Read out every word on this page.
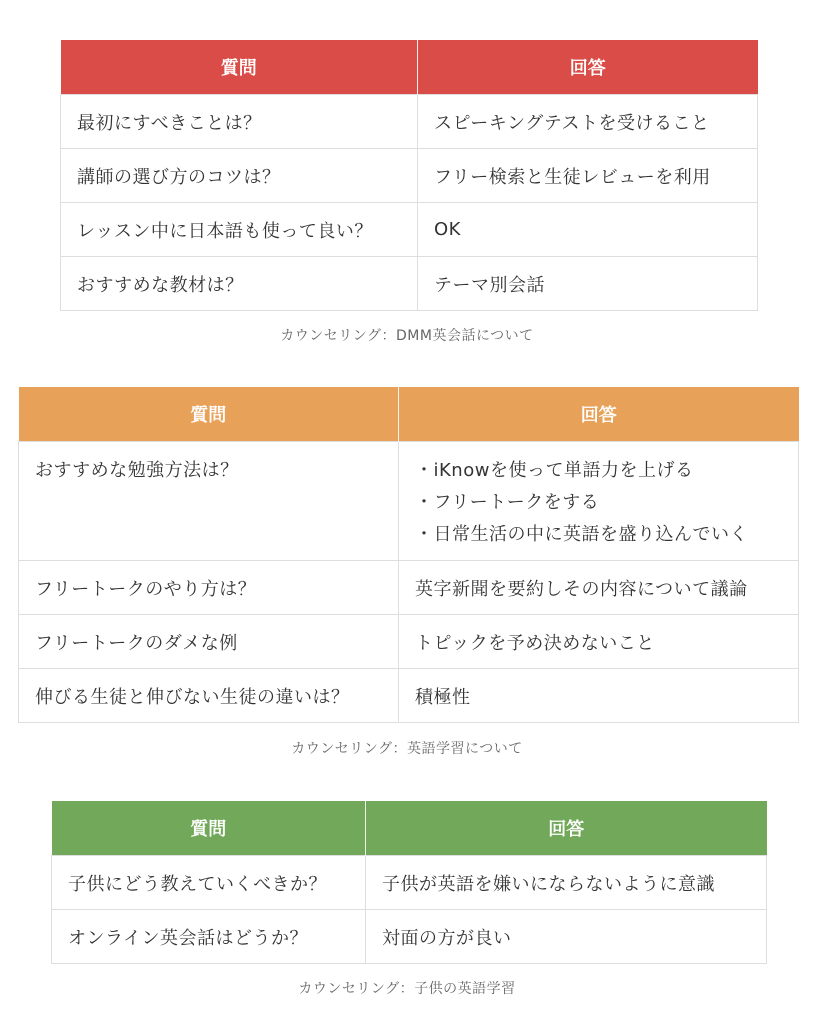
質問	回答
最初にすべきことは？	スピーキングテストを受けること
講師の選び方のコツは？	フリー検索と生徒レビューを利用
レッスン中に日本語も使って良い？	OK
おすすめな教材は？	テーマ別会話
カウンセリング：DMM英会話について
質問	回答
おすすめな勉強方法は？	・iKnowを使って単語力を上げる
・フリートークをする
・日常生活の中に英語を盛り込んでいく

フリートークのやり方は？	英字新聞を要約しその内容について議論
フリートークのダメな例	トピックを予め決めないこと
伸びる生徒と伸びない生徒の違いは？	積極性
カウンセリング：英語学習について
質問	回答
子供にどう教えていくべきか？	子供が英語を嫌いにならないように意識
オンライン英会話はどうか？	対面の方が良い
カウンセリング：子供の英語学習
